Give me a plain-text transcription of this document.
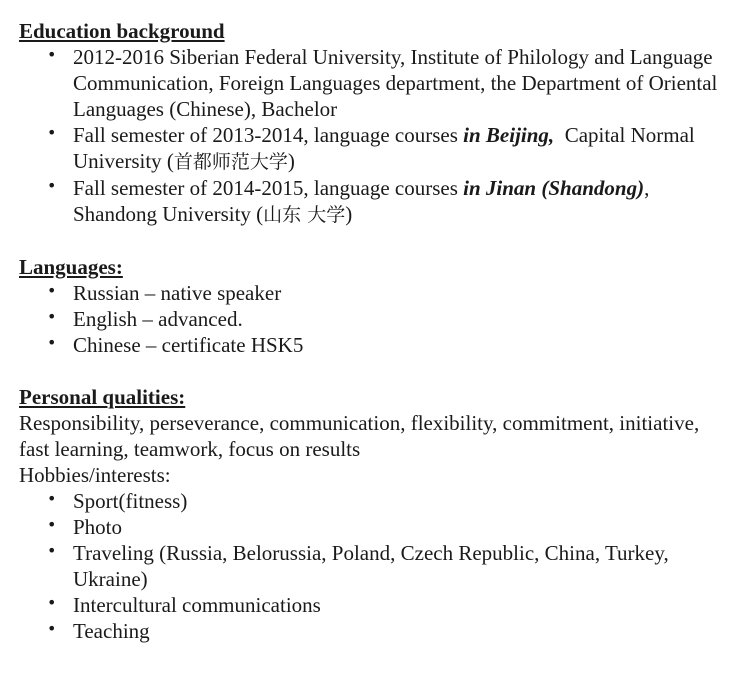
Education background
• 2012-2016 Siberian Federal University, Institute of Philology and Language Communication, Foreign Languages department, the Department of Oriental Languages (Chinese), Bachelor
• Fall semester of 2013-2014, language courses in Beijing,  Capital Normal University (首都师范大学)
• Fall semester of 2014-2015, language courses in Jinan (Shandong), Shandong University (山东 大学)
Languages:
• Russian – native speaker
• English – advanced.
• Chinese – certificate HSK5
Personal qualities:
Responsibility, perseverance, communication, flexibility, commitment, initiative, fast learning, teamwork, focus on results
Hobbies/interests:
• Sport(fitness)
• Photo
• Traveling (Russia, Belorussia, Poland, Czech Republic, China, Turkey, Ukraine)
• Intercultural communications
• Teaching
